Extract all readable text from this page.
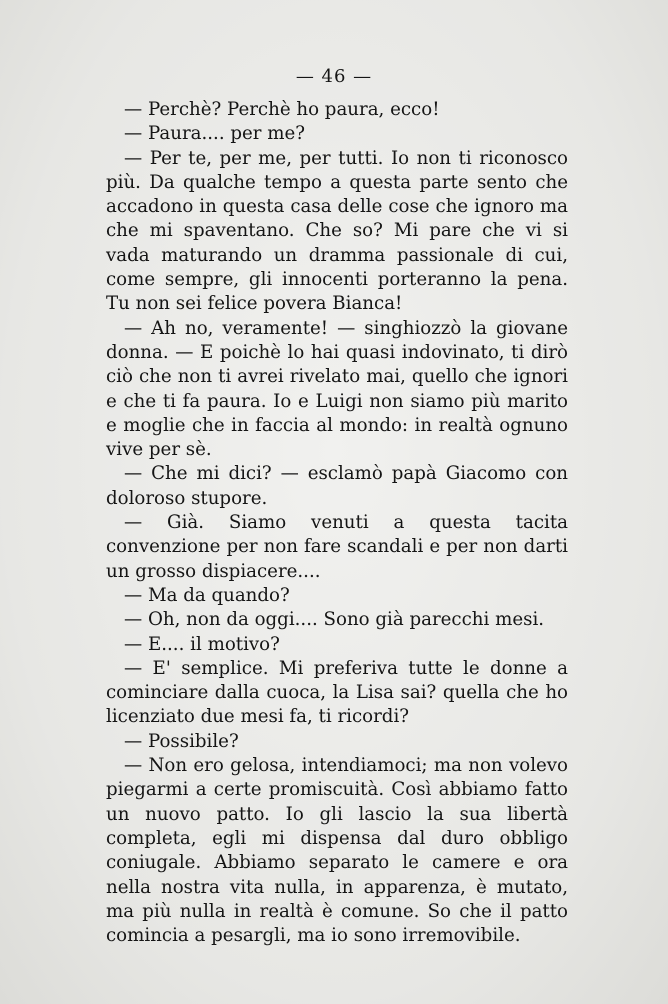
— 46 —

— Perchè? Perchè ho paura, ecco!

— Paura.... per me?

— Per te, per me, per tutti. Io non ti riconosco più. Da qualche tempo a questa parte sento che accadono in questa casa delle cose che ignoro ma che mi spaventano. Che so? Mi pare che vi si vada maturando un dramma passionale di cui, come sempre, gli innocenti porteranno la pena. Tu non sei felice povera Bianca!

— Ah no, veramente! — singhiozzò la giovane donna. — E poichè lo hai quasi indovinato, ti dirò ciò che non ti avrei rivelato mai, quello che ignori e che ti fa paura. Io e Luigi non siamo più marito e moglie che in faccia al mondo: in realtà ognuno vive per sè.

— Che mi dici? — esclamò papà Giacomo con doloroso stupore.

— Già. Siamo venuti a questa tacita convenzione per non fare scandali e per non darti un grosso dispiacere....

— Ma da quando?

— Oh, non da oggi.... Sono già parecchi mesi.

— E.... il motivo?

— E' semplice. Mi preferiva tutte le donne a cominciare dalla cuoca, la Lisa sai? quella che ho licenziato due mesi fa, ti ricordi?

— Possibile?

— Non ero gelosa, intendiamoci; ma non volevo piegarmi a certe promiscuità. Così abbiamo fatto un nuovo patto. Io gli lascio la sua libertà completa, egli mi dispensa dal duro obbligo coniugale. Abbiamo separato le camere e ora nella nostra vita nulla, in apparenza, è mutato, ma più nulla in realtà è comune. So che il patto comincia a pesargli, ma io sono irremovibile.
